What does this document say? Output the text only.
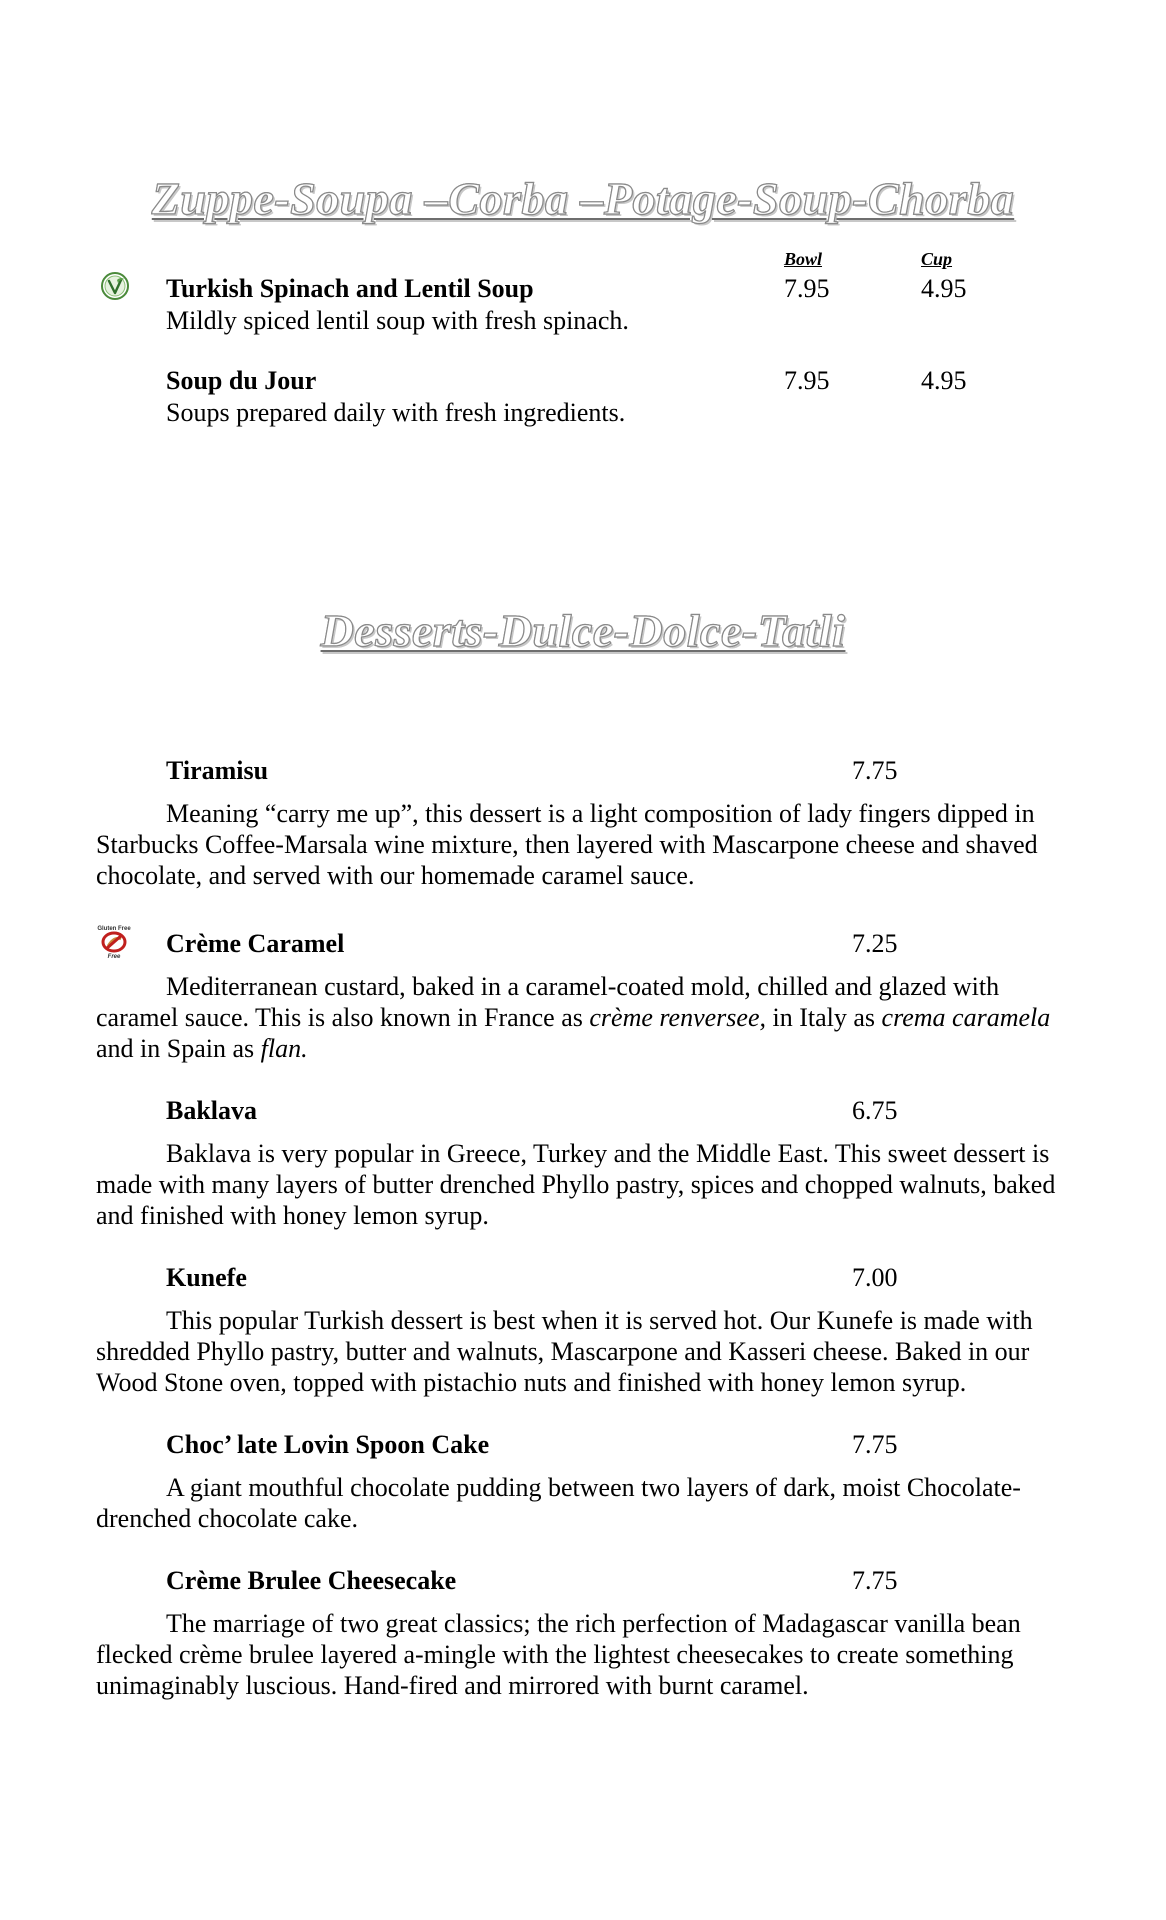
Zuppe-Soupa –Corba –Potage-Soup-Chorba
Bowl	Cup
Turkish Spinach and Lentil Soup	7.95	4.95
Mildly spiced lentil soup with fresh spinach.
Soup du Jour	7.95	4.95
Soups prepared daily with fresh ingredients.
Desserts-Dulce-Dolce-Tatli
Tiramisu	7.75
Meaning “carry me up”, this dessert is a light composition of lady fingers dipped in Starbucks Coffee-Marsala wine mixture, then layered with Mascarpone cheese and shaved chocolate, and served with our homemade caramel sauce.
Gluten Free
Free Crème Caramel	7.25
Mediterranean custard, baked in a caramel-coated mold, chilled and glazed with caramel sauce. This is also known in France as crème renversee, in Italy as crema caramela and in Spain as flan.
Baklava	6.75
Baklava is very popular in Greece, Turkey and the Middle East. This sweet dessert is made with many layers of butter drenched Phyllo pastry, spices and chopped walnuts, baked and finished with honey lemon syrup.
Kunefe	7.00
This popular Turkish dessert is best when it is served hot. Our Kunefe is made with shredded Phyllo pastry, butter and walnuts, Mascarpone and Kasseri cheese. Baked in our Wood Stone oven, topped with pistachio nuts and finished with honey lemon syrup.
Choc’ late Lovin Spoon Cake	7.75
A giant mouthful chocolate pudding between two layers of dark, moist Chocolate-drenched chocolate cake.
Crème Brulee Cheesecake	7.75
The marriage of two great classics; the rich perfection of Madagascar vanilla bean flecked crème brulee layered a-mingle with the lightest cheesecakes to create something unimaginably luscious. Hand-fired and mirrored with burnt caramel.
